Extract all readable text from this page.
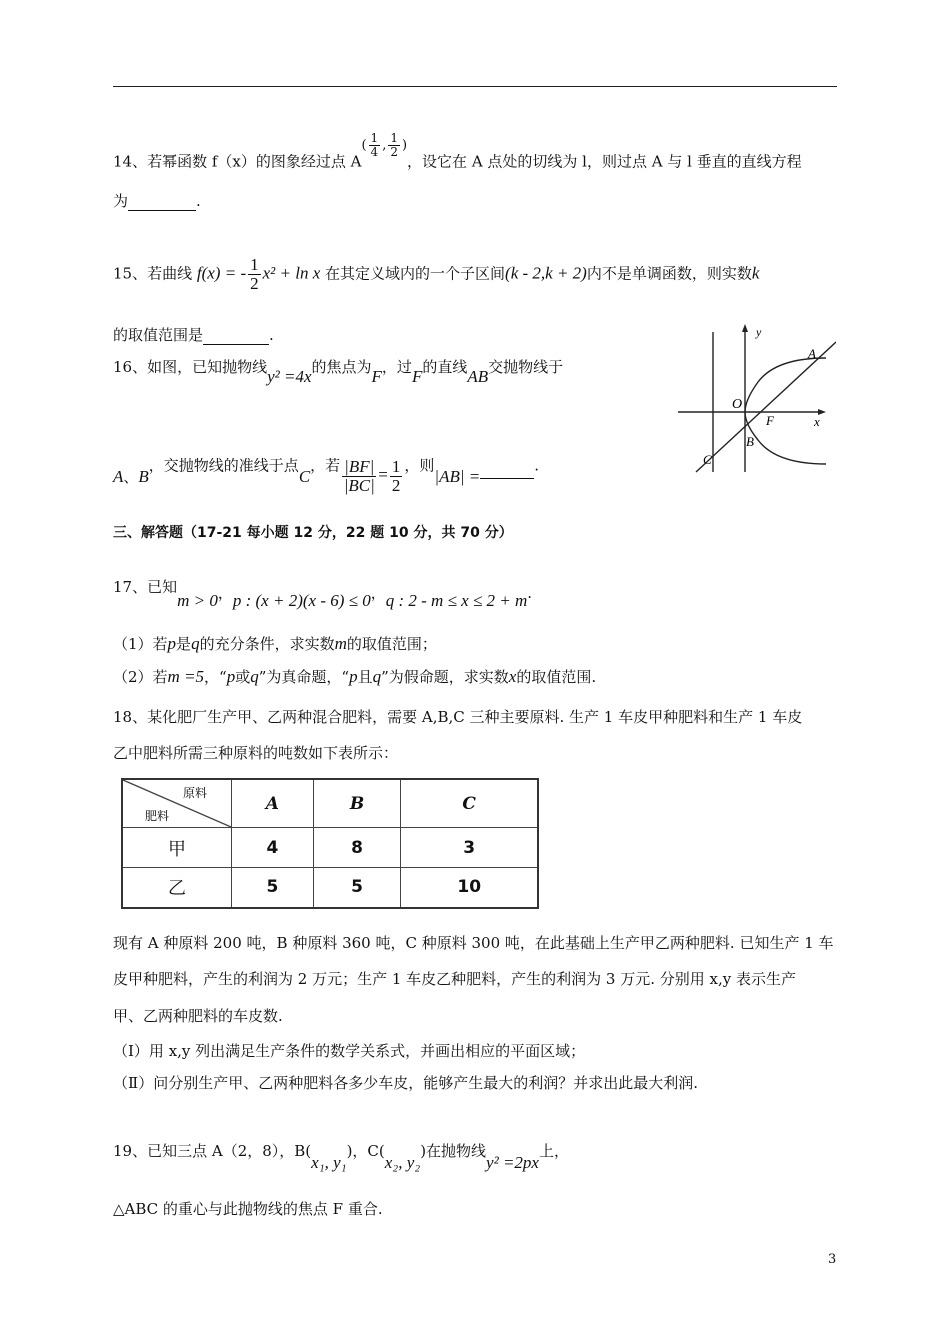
14、若幂函数 f（x）的图象经过点 $A( \frac{1}{4}$ , $\frac{1}{2}$ )，设它在 A 点处的切线为 l，则过点 A 与 l 垂直的直线方程
为	.
15、若曲线 f(x) = - $\frac{1}{2} x^2 + \ln x$ 在其定义域内的一个子区间(k - 2,k + 2)内不是单调函数，则实数k
的取值范围是	.
16、如图，已知抛物线y² =4x的焦点为F，过F的直线AB交抛物线于
A、B，交抛物线的准线于点C，若 $\frac{|BF|}{|BC|} = \frac{1}{2}$ ，则|AB| = .
y
x
O
A
B
F
C
三、解答题（17-21 每小题 12 分，22 题 10 分，共 70 分）
17、已知m > 0，p : (x + 2)(x - 6) ≤ 0，q : 2 - m ≤ x ≤ 2 + m.
（1）若p是q的充分条件，求实数m的取值范围；
（2）若m =5，“p或q”为真命题，“p且q”为假命题，求实数x的取值范围.
18、某化肥厂生产甲、乙两种混合肥料，需要 A,B,C 三种主要原料. 生产 1 车皮甲种肥料和生产 1 车皮
乙中肥料所需三种原料的吨数如下表所示：
原料
肥料	A	B	C
甲	4	8	3
乙	5	5	10
现有 A 种原料 200 吨，B 种原料 360 吨，C 种原料 300 吨，在此基础上生产甲乙两种肥料. 已知生产 1 车
皮甲种肥料，产生的利润为 2 万元；生产 1 车皮乙种肥料，产生的利润为 3 万元. 分别用 x,y 表示生产
甲、乙两种肥料的车皮数.
（Ⅰ）用 x,y 列出满足生产条件的数学关系式，并画出相应的平面区域；
（Ⅱ）问分别生产甲、乙两种肥料各多少车皮，能够产生最大的利润？并求出此最大利润.
19、已知三点 A（2，8），B(x₁, y₁)，C(x₂, y₂)在抛物线y² =2px上，
△ABC 的重心与此抛物线的焦点 F 重合.
3
